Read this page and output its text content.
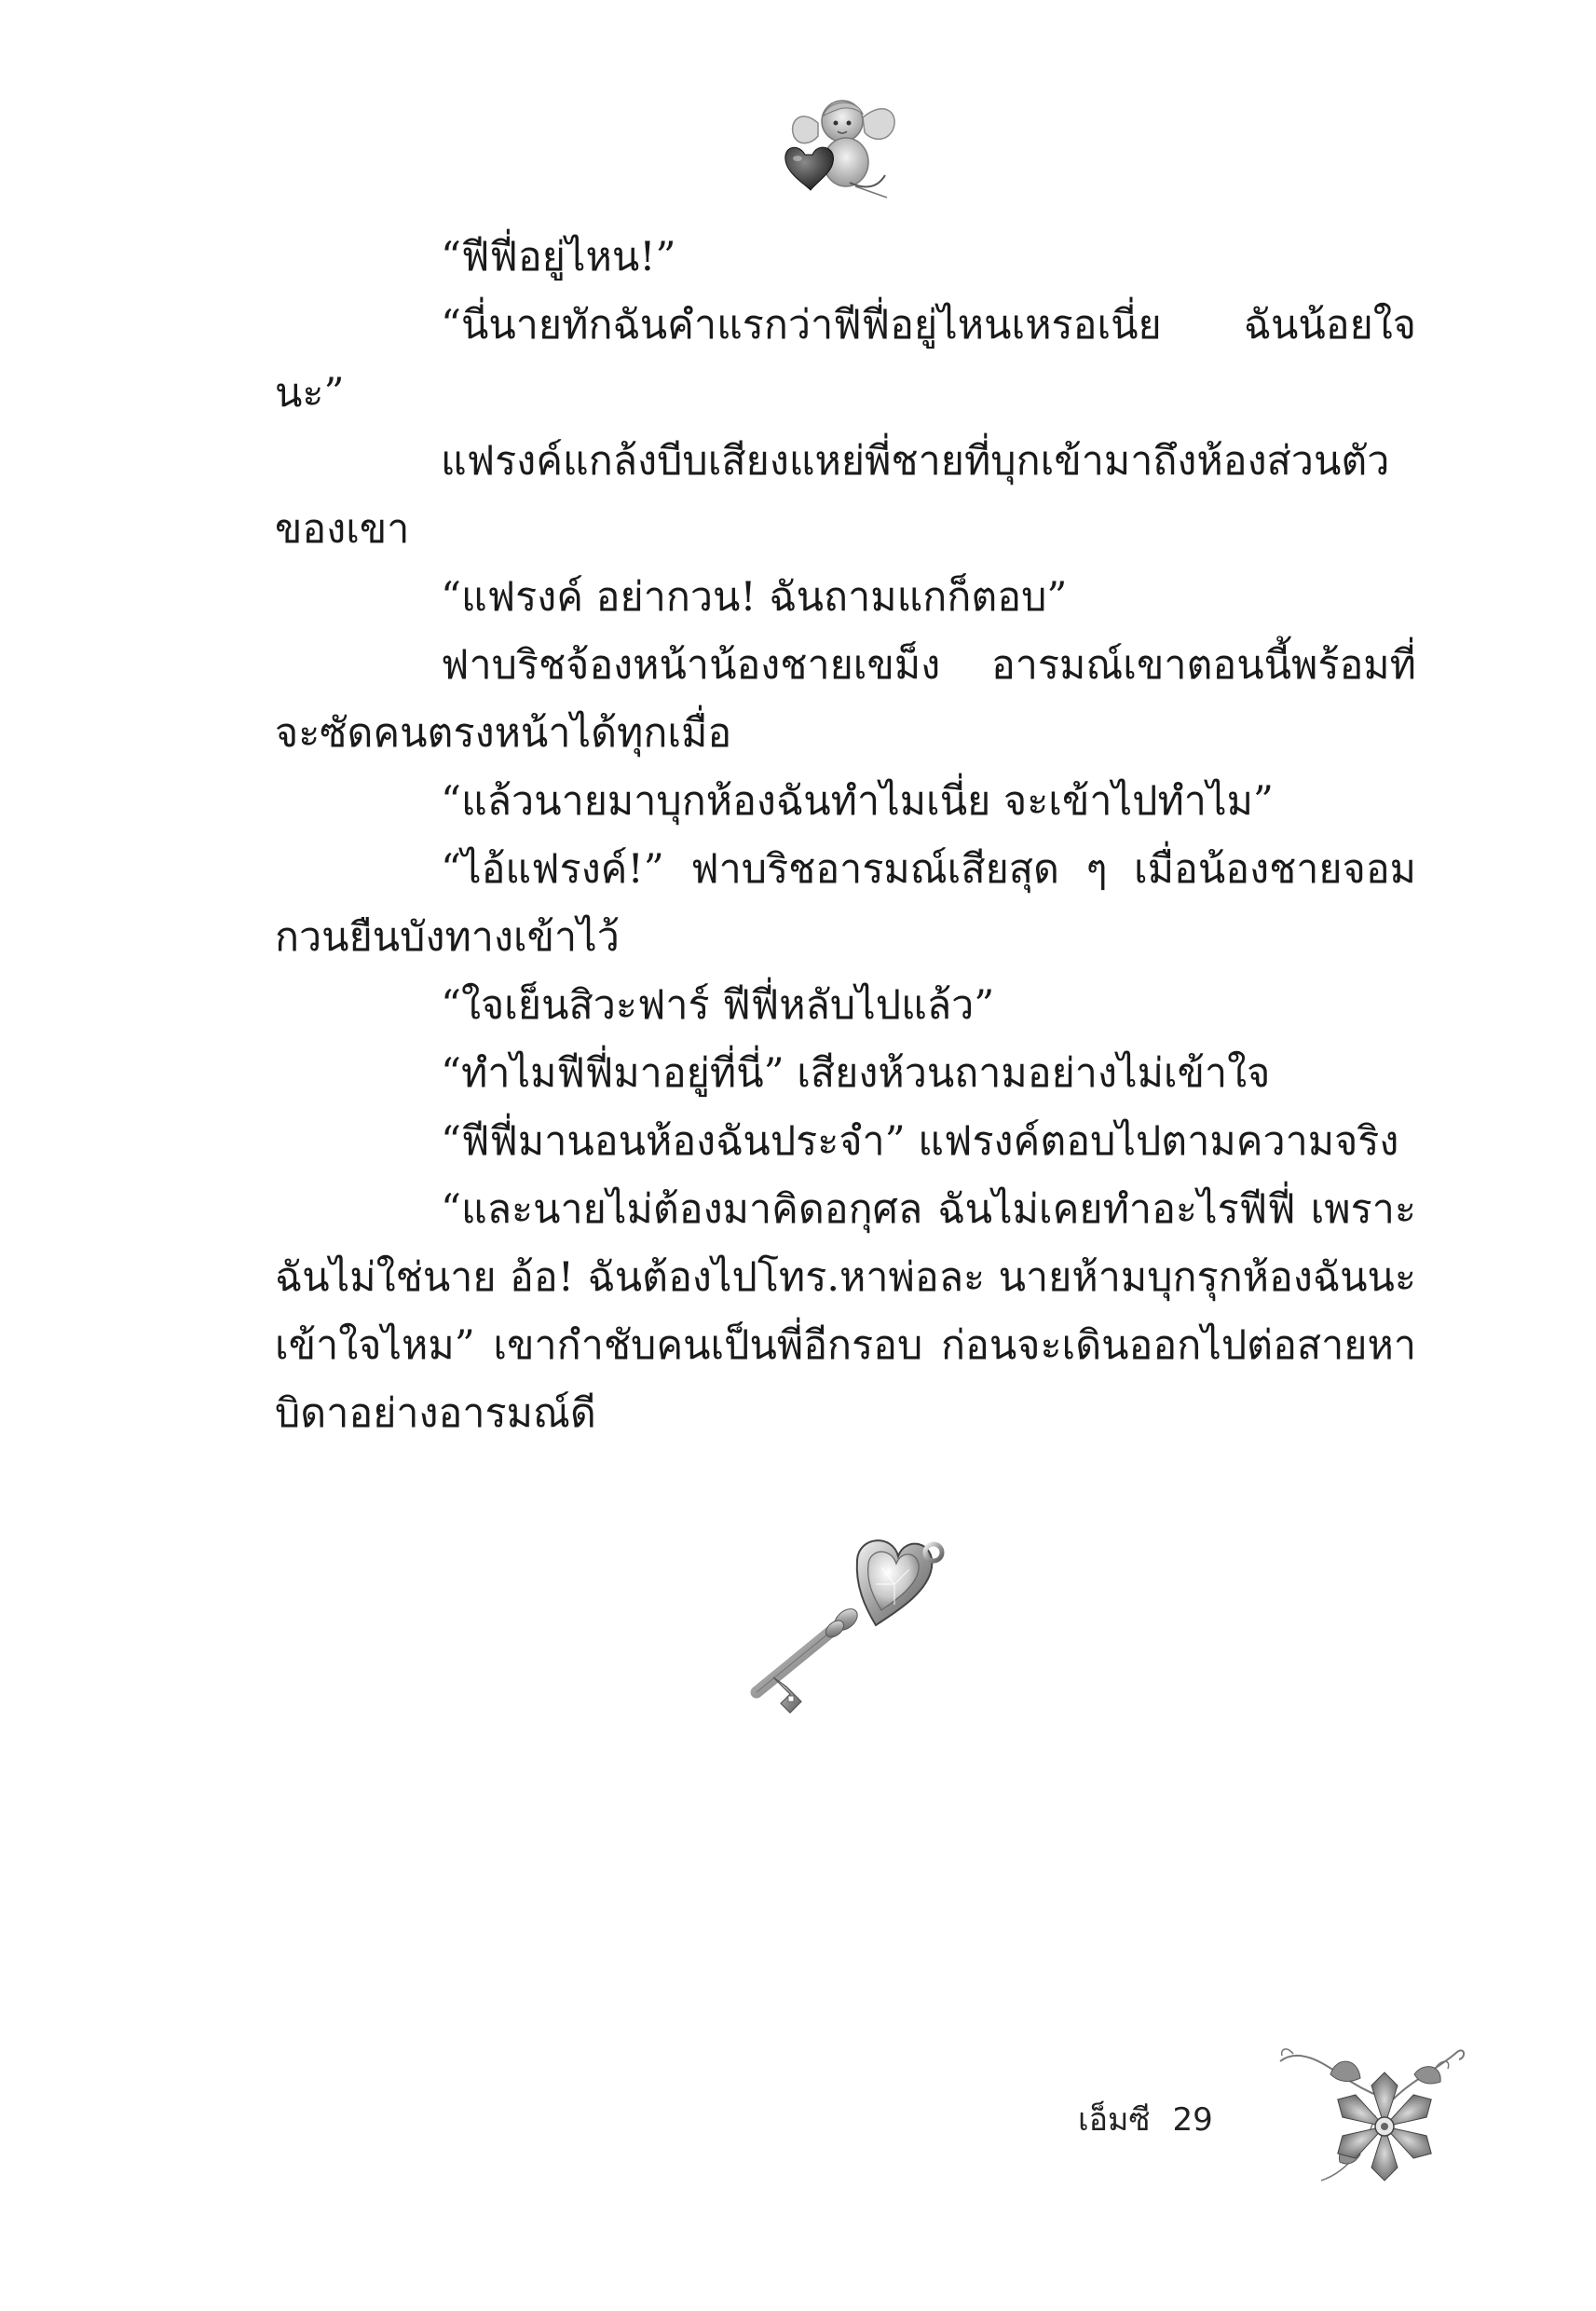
“ฟีฟี่อยู่ไหน!”

“นี่นายทักฉันคำแรกว่าฟีฟี่อยู่ไหนเหรอเนี่ย ฉันน้อยใจนะ”

แฟรงค์แกล้งบีบเสียงแหย่พี่ชายที่บุกเข้ามาถึงห้องส่วนตัวของเขา

“แฟรงค์ อย่ากวน! ฉันถามแกก็ตอบ”

ฟาบริชจ้องหน้าน้องชายเขม็ง อารมณ์เขาตอนนี้พร้อมที่จะซัดคนตรงหน้าได้ทุกเมื่อ

“แล้วนายมาบุกห้องฉันทำไมเนี่ย จะเข้าไปทำไม”

“ไอ้แฟรงค์!” ฟาบริชอารมณ์เสียสุด ๆ เมื่อน้องชายจอมกวนยืนบังทางเข้าไว้

“ใจเย็นสิวะฟาร์ ฟีฟี่หลับไปแล้ว”

“ทำไมฟีฟี่มาอยู่ที่นี่” เสียงห้วนถามอย่างไม่เข้าใจ

“ฟีฟี่มานอนห้องฉันประจำ” แฟรงค์ตอบไปตามความจริง

“และนายไม่ต้องมาคิดอกุศล ฉันไม่เคยทำอะไรฟีฟี่ เพราะฉันไม่ใช่นาย อ้อ! ฉันต้องไปโทร.หาพ่อละ นายห้ามบุกรุกห้องฉันนะเข้าใจไหม” เขากำชับคนเป็นพี่อีกรอบ ก่อนจะเดินออกไปต่อสายหาบิดาอย่างอารมณ์ดี

เอ็มซี 29
